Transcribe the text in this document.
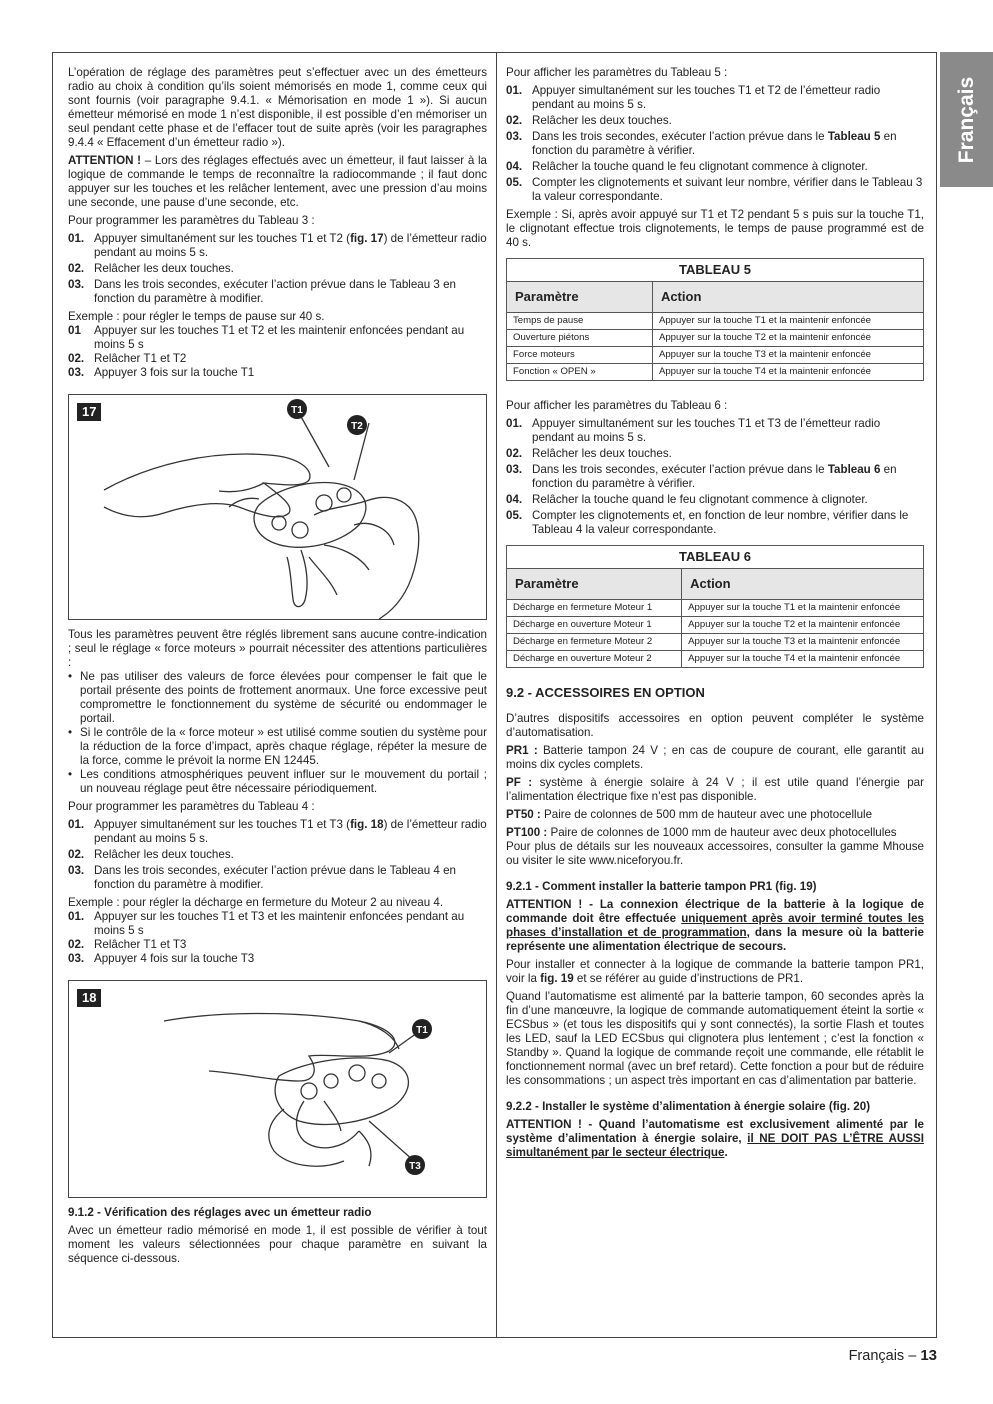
Français

L’opération de réglage des paramètres peut s’effectuer avec un des émetteurs radio au choix à condition qu’ils soient mémorisés en mode 1, comme ceux qui sont fournis (voir paragraphe 9.4.1. « Mémorisation en mode 1 »). Si aucun émetteur mémorisé en mode 1 n’est disponible, il est possible d’en mémoriser un seul pendant cette phase et de l’effacer tout de suite après (voir les paragraphes 9.4.4 « Effacement d’un émetteur radio »).

ATTENTION ! – Lors des réglages effectués avec un émetteur, il faut laisser à la logique de commande le temps de reconnaître la radiocommande ; il faut donc appuyer sur les touches et les relâcher lentement, avec une pression d’au moins une seconde, une pause d’une seconde, etc.

Pour programmer les paramètres du Tableau 3 :

01. Appuyer simultanément sur les touches T1 et T2 (fig. 17) de l’émetteur radio pendant au moins 5 s.
02. Relâcher les deux touches.
03. Dans les trois secondes, exécuter l’action prévue dans le Tableau 3 en fonction du paramètre à modifier.

Exemple : pour régler le temps de pause sur 40 s.

01	Appuyer sur les touches T1 et T2 et les maintenir enfoncées pendant au moins 5 s
02. Relâcher T1 et T2
03. Appuyer 3 fois sur la touche T1
17	T1
T2

Tous les paramètres peuvent être réglés librement sans aucune contre-indication ; seul le réglage « force moteurs » pourrait nécessiter des attentions particulières :

• Ne pas utiliser des valeurs de force élevées pour compenser le fait que le portail présente des points de frottement anormaux. Une force excessive peut compromettre le fonctionnement du système de sécurité ou endommager le portail.
• Si le contrôle de la « force moteur » est utilisé comme soutien du système pour la réduction de la force d’impact, après chaque réglage, répéter la mesure de la force, comme le prévoit la norme EN 12445.
• Les conditions atmosphériques peuvent influer sur le mouvement du portail ; un nouveau réglage peut être nécessaire périodiquement.

Pour programmer les paramètres du Tableau 4 :

01. Appuyer simultanément sur les touches T1 et T3 (fig. 18) de l’émetteur radio pendant au moins 5 s.
02. Relâcher les deux touches.
03. Dans les trois secondes, exécuter l’action prévue dans le Tableau 4 en fonction du paramètre à modifier.

Exemple : pour régler la décharge en fermeture du Moteur 2 au niveau 4.

01. Appuyer sur les touches T1 et T3 et les maintenir enfoncées pendant au moins 5 s
02. Relâcher T1 et T3
03. Appuyer 4 fois sur la touche T3
18
T1
T3
9.1.2 - Vérification des réglages avec un émetteur radio

Avec un émetteur radio mémorisé en mode 1, il est possible de vérifier à tout moment les valeurs sélectionnées pour chaque paramètre en suivant la séquence ci-dessous.

Pour afficher les paramètres du Tableau 5 :

01. Appuyer simultanément sur les touches T1 et T2 de l’émetteur radio pendant au moins 5 s.
02. Relâcher les deux touches.
03. Dans les trois secondes, exécuter l’action prévue dans le Tableau 5 en fonction du paramètre à vérifier.
04. Relâcher la touche quand le feu clignotant commence à clignoter.
05. Compter les clignotements et suivant leur nombre, vérifier dans le Tableau 3 la valeur correspondante.

Exemple : Si, après avoir appuyé sur T1 et T2 pendant 5 s puis sur la touche T1, le clignotant effectue trois clignotements, le temps de pause programmé est de 40 s.

TABLEAU 5	
Paramètre	Action
Temps de pause	Appuyer sur la touche T1 et la maintenir enfoncée
Ouverture piétons	Appuyer sur la touche T2 et la maintenir enfoncée
Force moteurs	Appuyer sur la touche T3 et la maintenir enfoncée
Fonction « OPEN »	Appuyer sur la touche T4 et la maintenir enfoncée

Pour afficher les paramètres du Tableau 6 :

01. Appuyer simultanément sur les touches T1 et T3 de l’émetteur radio pendant au moins 5 s.
02. Relâcher les deux touches.
03. Dans les trois secondes, exécuter l’action prévue dans le Tableau 6 en fonction du paramètre à vérifier.
04. Relâcher la touche quand le feu clignotant commence à clignoter.
05. Compter les clignotements et, en fonction de leur nombre, vérifier dans le Tableau 4 la valeur correspondante.
TABLEAU 6	
Paramètre	Action
Décharge en fermeture Moteur 1	Appuyer sur la touche T1 et la maintenir enfoncée
Décharge en ouverture Moteur 1	Appuyer sur la touche T2 et la maintenir enfoncée
Décharge en fermeture Moteur 2	Appuyer sur la touche T3 et la maintenir enfoncée
Décharge en ouverture Moteur 2	Appuyer sur la touche T4 et la maintenir enfoncée
9.2 - ACCESSOIRES EN OPTION

D’autres dispositifs accessoires en option peuvent compléter le système d’automatisation.

PR1 : Batterie tampon 24 V ; en cas de coupure de courant, elle garantit au moins dix cycles complets.

PF : système à énergie solaire à 24 V ; il est utile quand l’énergie par l’alimentation électrique fixe n’est pas disponible.

PT50 : Paire de colonnes de 500 mm de hauteur avec une photocellule

PT100 : Paire de colonnes de 1000 mm de hauteur avec deux photocellules

Pour plus de détails sur les nouveaux accessoires, consulter la gamme Mhouse ou visiter le site www.niceforyou.fr.

9.2.1 - Comment installer la batterie tampon PR1 (fig. 19)

ATTENTION ! - La connexion électrique de la batterie à la logique de commande doit être effectuée uniquement après avoir terminé toutes les phases d’installation et de programmation, dans la mesure où la batterie représente une alimentation électrique de secours.

Pour installer et connecter à la logique de commande la batterie tampon PR1, voir la fig. 19 et se référer au guide d’instructions de PR1.

Quand l’automatisme est alimenté par la batterie tampon, 60 secondes après la fin d’une manœuvre, la logique de commande automatiquement éteint la sortie « ECSbus » (et tous les dispositifs qui y sont connectés), la sortie Flash et toutes les LED, sauf la LED ECSbus qui clignotera plus lentement ; c’est la fonction « Standby ». Quand la logique de commande reçoit une commande, elle rétablit le fonctionnement normal (avec un bref retard). Cette fonction a pour but de réduire les consommations ; un aspect très important en cas d’alimentation par batterie.

9.2.2 - Installer le système d’alimentation à énergie solaire (fig. 20)

ATTENTION ! - Quand l’automatisme est exclusivement alimenté par le système d’alimentation à énergie solaire, il NE DOIT PAS L’ÊTRE AUSSI simultanément par le secteur électrique.

Français – 13
